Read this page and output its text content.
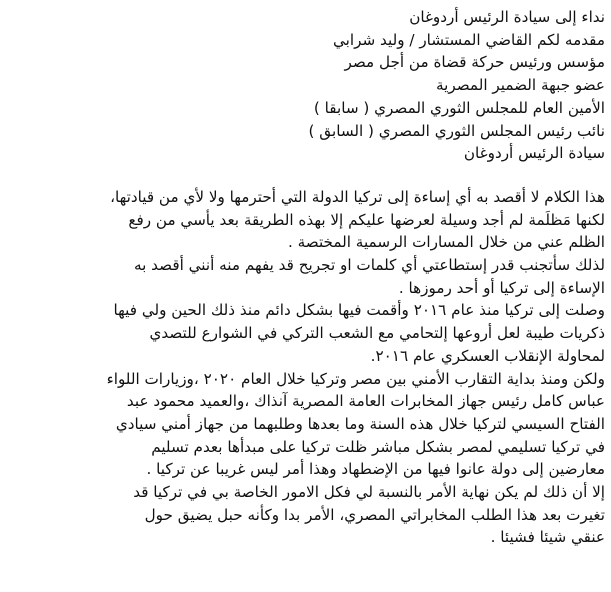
نداء إلى سيادة الرئيس أردوغان
مقدمه لكم القاضي المستشار / وليد شرابي
مؤسس ورئيس حركة قضاة من أجل مصر
عضو جبهة الضمير المصرية
الأمين العام للمجلس الثوري المصري ( سابقا )
نائب رئيس المجلس الثوري المصري ( السابق )
سيادة الرئيس أردوغان
هذا الكلام لا أقصد به أي إساءة إلى تركيا الدولة التي أحترمها ولا لأي من قيادتها،
لكنها مَظلَمة لم أجد وسيلة لعرضها عليكم إلا بهذه الطريقة بعد يأسي من رفع
الظلم عني من خلال المسارات الرسمية المختصة .
لذلك سأتجنب قدر إستطاعتي أي كلمات او تجريح قد يفهم منه أنني أقصد به
الإساءة إلى تركيا أو أحد رموزها .
وصلت إلى تركيا منذ عام ٢٠١٦ وأقمت فيها بشكل دائم منذ ذلك الحين ولي فيها
ذكريات طيبة لعل أروعها إلتحامي مع الشعب التركي في الشوارع للتصدي
لمحاولة الإنقلاب العسكري عام ٢٠١٦.
ولكن ومنذ بداية التقارب الأمني بين مصر وتركيا خلال العام ٢٠٢٠ ،وزيارات اللواء
عباس كامل رئيس جهاز المخابرات العامة المصرية آنذاك ،والعميد محمود عبد
الفتاح السيسي لتركيا خلال هذه السنة وما بعدها وطلبهما من جهاز أمني سيادي
في تركيا تسليمي لمصر بشكل مباشر ظلت تركيا على مبدأها بعدم تسليم
معارضين إلى دولة عانوا فيها من الإضطهاد وهذا أمر ليس غريبا عن تركيا .
إلا أن ذلك لم يكن نهاية الأمر بالنسبة لي فكل الامور الخاصة بي في تركيا قد
تغيرت بعد هذا الطلب المخابراتي المصري، الأمر بدا وكأنه حبل يضيق حول
عنقي شيئا فشيئا .
